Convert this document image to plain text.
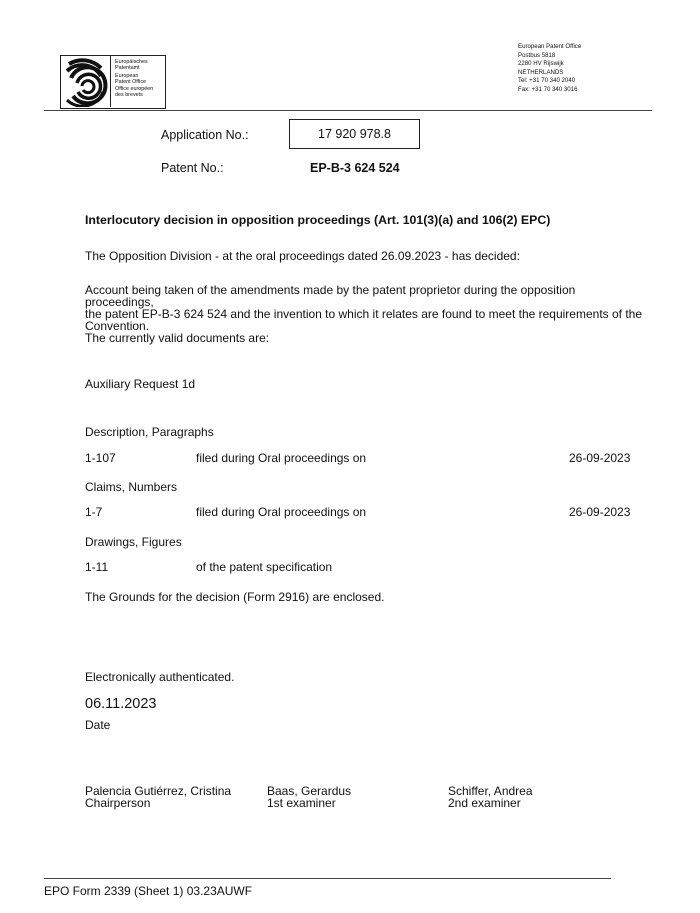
Europäisches
Patentamt
European
Patent Office
Office européen
des brevets
European Patent Office
Postbus 5818
2280 HV Rijswijk
NETHERLANDS
Tel: +31 70 340 2040
Fax: +31 70 340 3016
Application No.:	17 920 978.8
Patent No.:	EP-B-3 624 524
Interlocutory decision in opposition proceedings (Art. 101(3)(a) and 106(2) EPC)
The Opposition Division - at the oral proceedings dated 26.09.2023 - has decided:
Account being taken of the amendments made by the patent proprietor during the opposition proceedings,
the patent EP-B-3 624 524 and the invention to which it relates are found to meet the requirements of the
Convention.
The currently valid documents are:
Auxiliary Request 1d
Description, Paragraphs
1-107	filed during Oral proceedings on	26-09-2023
Claims, Numbers
1-7	filed during Oral proceedings on	26-09-2023
Drawings, Figures
1-11	of the patent specification
The Grounds for the decision (Form 2916) are enclosed.
Electronically authenticated.
06.11.2023
Date
Palencia Gutiérrez, Cristina
Chairperson
Baas, Gerardus
1st examiner
Schiffer, Andrea
2nd examiner
EPO Form 2339 (Sheet 1) 03.23AUWF
